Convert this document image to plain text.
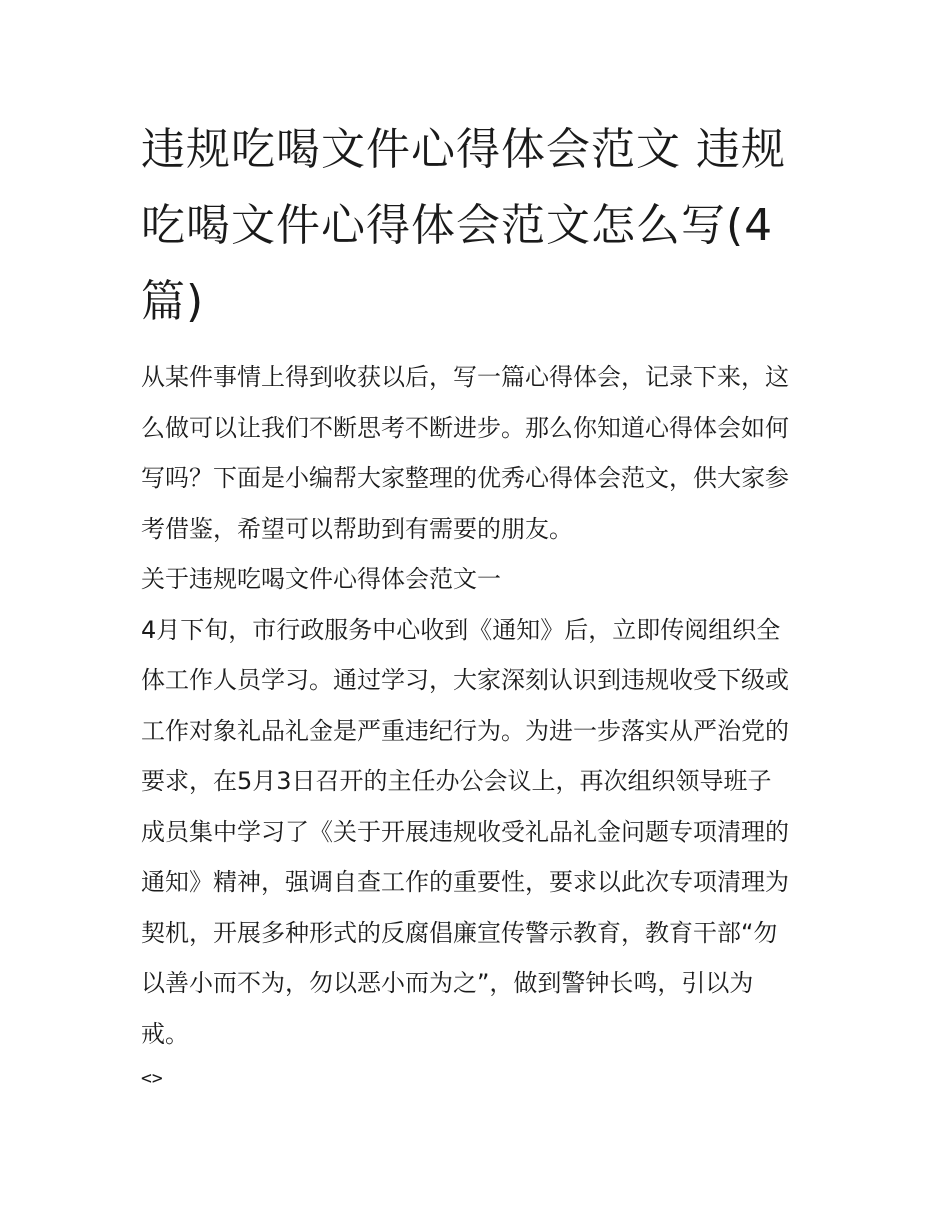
违规吃喝文件心得体会范文 违规吃喝文件心得体会范文怎么写(4篇)

从某件事情上得到收获以后，写一篇心得体会，记录下来，这
么做可以让我们不断思考不断进步。那么你知道心得体会如何
写吗？下面是小编帮大家整理的优秀心得体会范文，供大家参
考借鉴，希望可以帮助到有需要的朋友。

关于违规吃喝文件心得体会范文一

4月下旬，市行政服务中心收到《通知》后，立即传阅组织全
体工作人员学习。通过学习，大家深刻认识到违规收受下级或
工作对象礼品礼金是严重违纪行为。为进一步落实从严治党的
要求，在5月3日召开的主任办公会议上，再次组织领导班子
成员集中学习了《关于开展违规收受礼品礼金问题专项清理的
通知》精神，强调自查工作的重要性，要求以此次专项清理为
契机，开展多种形式的反腐倡廉宣传警示教育，教育干部“勿
以善小而不为，勿以恶小而为之”，做到警钟长鸣，引以为
戒。

<>
